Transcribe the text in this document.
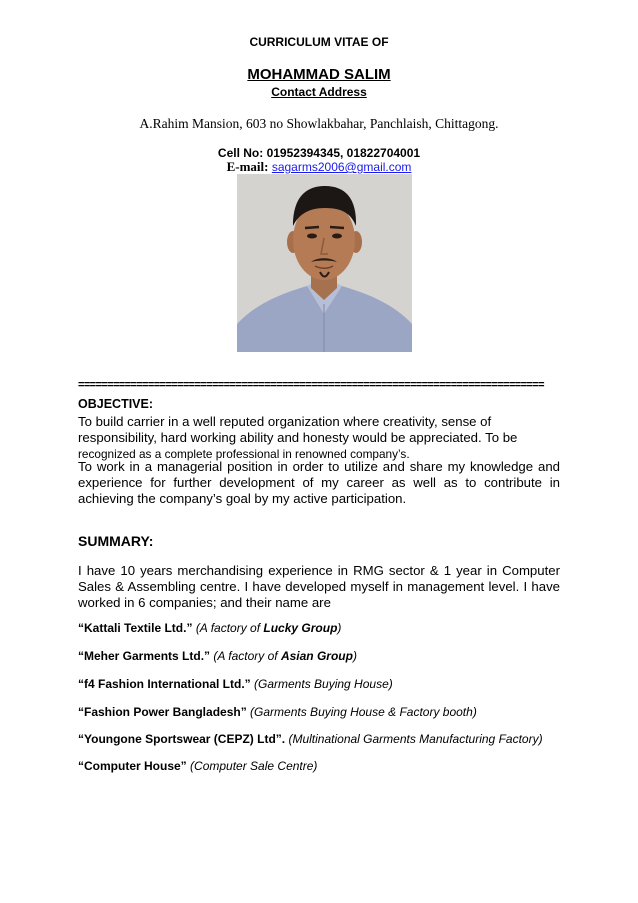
CURRICULUM VITAE OF
MOHAMMAD SALIM
Contact Address
A.Rahim Mansion, 603 no Showlakbahar, Panchlaish, Chittagong.
Cell No: 01952394345, 01822704001
E-mail: sagarms2006@gmail.com
================================================================================
OBJECTIVE:
To build carrier in a well reputed organization where creativity, sense of
responsibility, hard working ability and honesty would be appreciated. To be
recognized as a complete professional in renowned company’s.
To work in a managerial position in order to utilize and share my knowledge and experience for further development of my career as well as to contribute in achieving the company’s goal by my active participation.
SUMMARY:
I have 10 years merchandising experience in RMG sector & 1 year in Computer Sales & Assembling centre. I have developed myself in management level. I have worked in 6 companies; and their name are
“Kattali Textile Ltd.” (A factory of Lucky Group)
“Meher Garments Ltd.” (A factory of Asian Group)
“f4 Fashion International Ltd.” (Garments Buying House)
“Fashion Power Bangladesh” (Garments Buying House & Factory booth)
“Youngone Sportswear (CEPZ) Ltd”. (Multinational Garments Manufacturing Factory)
“Computer House” (Computer Sale Centre)
